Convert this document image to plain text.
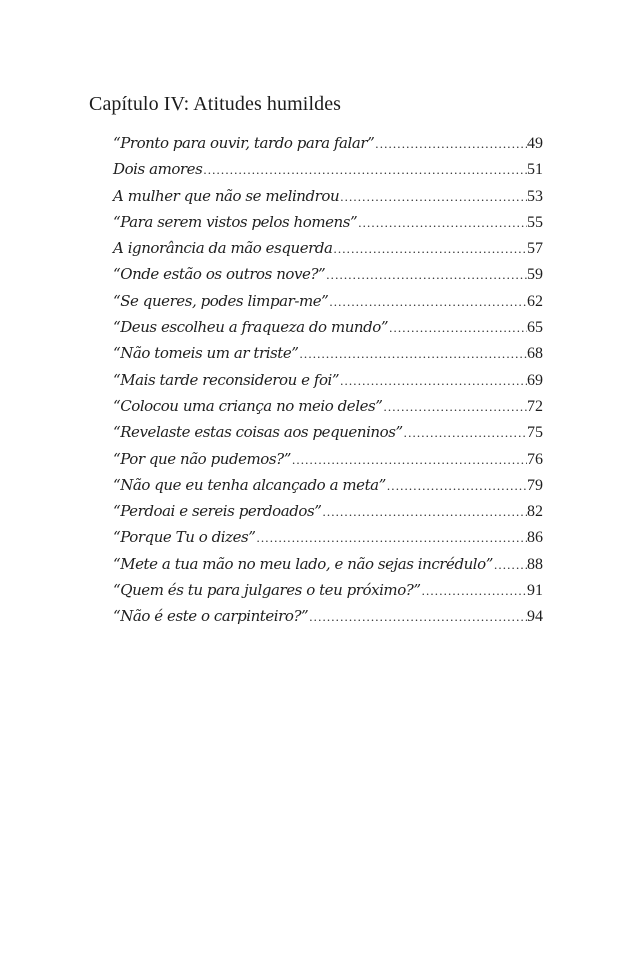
Capítulo IV: Atitudes humildes
“Pronto para ouvir, tardo para falar” .....	49
Dois amores .....	51
A mulher que não se melindrou .....	53
“Para serem vistos pelos homens” .....	55
A ignorância da mão esquerda .....	57
“Onde estão os outros nove?” .....	59
“Se queres, podes limpar-me” .....	62
“Deus escolheu a fraqueza do mundo” .....	65
“Não tomeis um ar triste” .....	68
“Mais tarde reconsiderou e foi” .....	69
“Colocou uma criança no meio deles” .....	72
“Revelaste estas coisas aos pequeninos” .....	75
“Por que não pudemos?” .....	76
“Não que eu tenha alcançado a meta” .....	79
“Perdoai e sereis perdoados” .....	82
“Porque Tu o dizes” .....	86
“Mete a tua mão no meu lado, e não sejas incrédulo” ..... 88
“Quem és tu para julgares o teu próximo?” .....	91
“Não é este o carpinteiro?” .....	94
